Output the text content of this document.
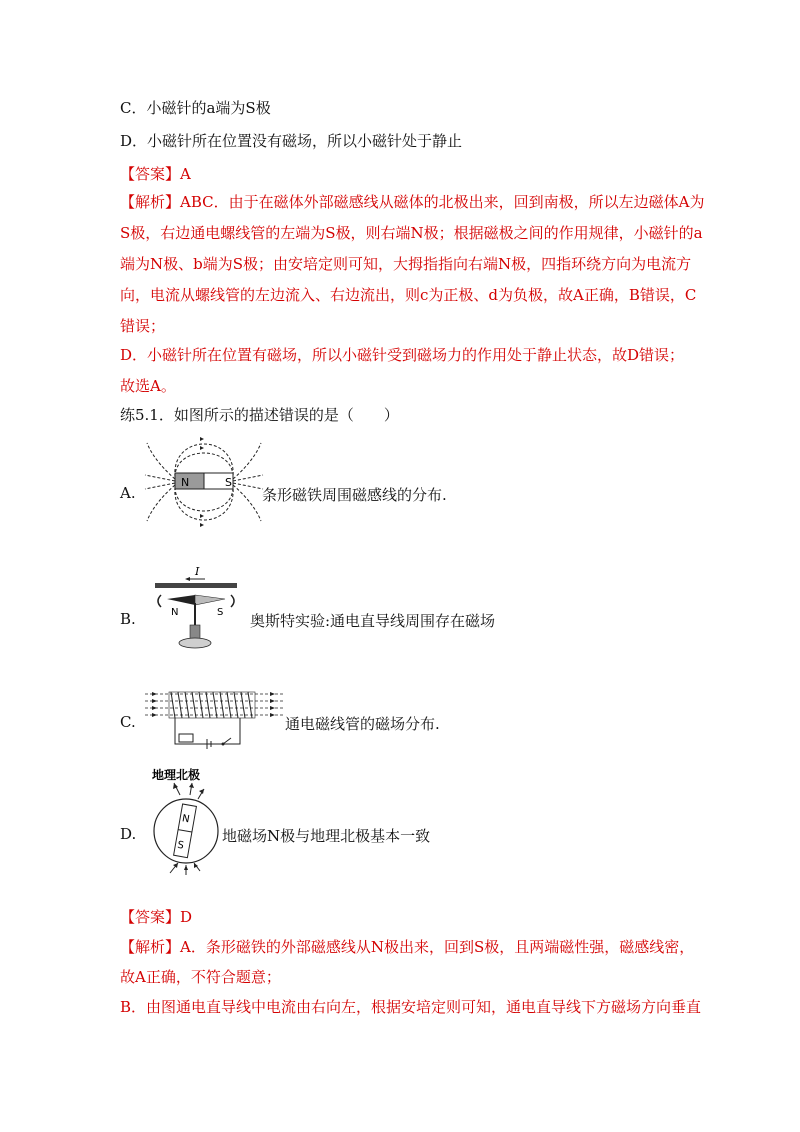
C．小磁针的a端为S极
D．小磁针所在位置没有磁场，所以小磁针处于静止
【答案】A
【解析】ABC．由于在磁体外部磁感线从磁体的北极出来，回到南极，所以左边磁体A为
S极，右边通电螺线管的左端为S极，则右端N极；根据磁极之间的作用规律，小磁针的a
端为N极、b端为S极；由安培定则可知，大拇指指向右端N极，四指环绕方向为电流方
向，电流从螺线管的左边流入、右边流出，则c为正极、d为负极，故A正确，B错误，C
错误；
D．小磁针所在位置有磁场，所以小磁针受到磁场力的作用处于静止状态，故D错误；
故选A。
练5.1．如图所示的描述错误的是（　　）
A.
N	S
条形磁铁周围磁感线的分布.
B.
I
N	S 奥斯特实验:通电直导线周围存在磁场
C.	通电磁线管的磁场分布.
D.
地理北极
N
S
地磁场N极与地理北极基本一致
【答案】D
【解析】A．条形磁铁的外部磁感线从N极出来，回到S极，且两端磁性强，磁感线密，
故A正确，不符合题意；
B．由图通电直导线中电流由右向左，根据安培定则可知，通电直导线下方磁场方向垂直
